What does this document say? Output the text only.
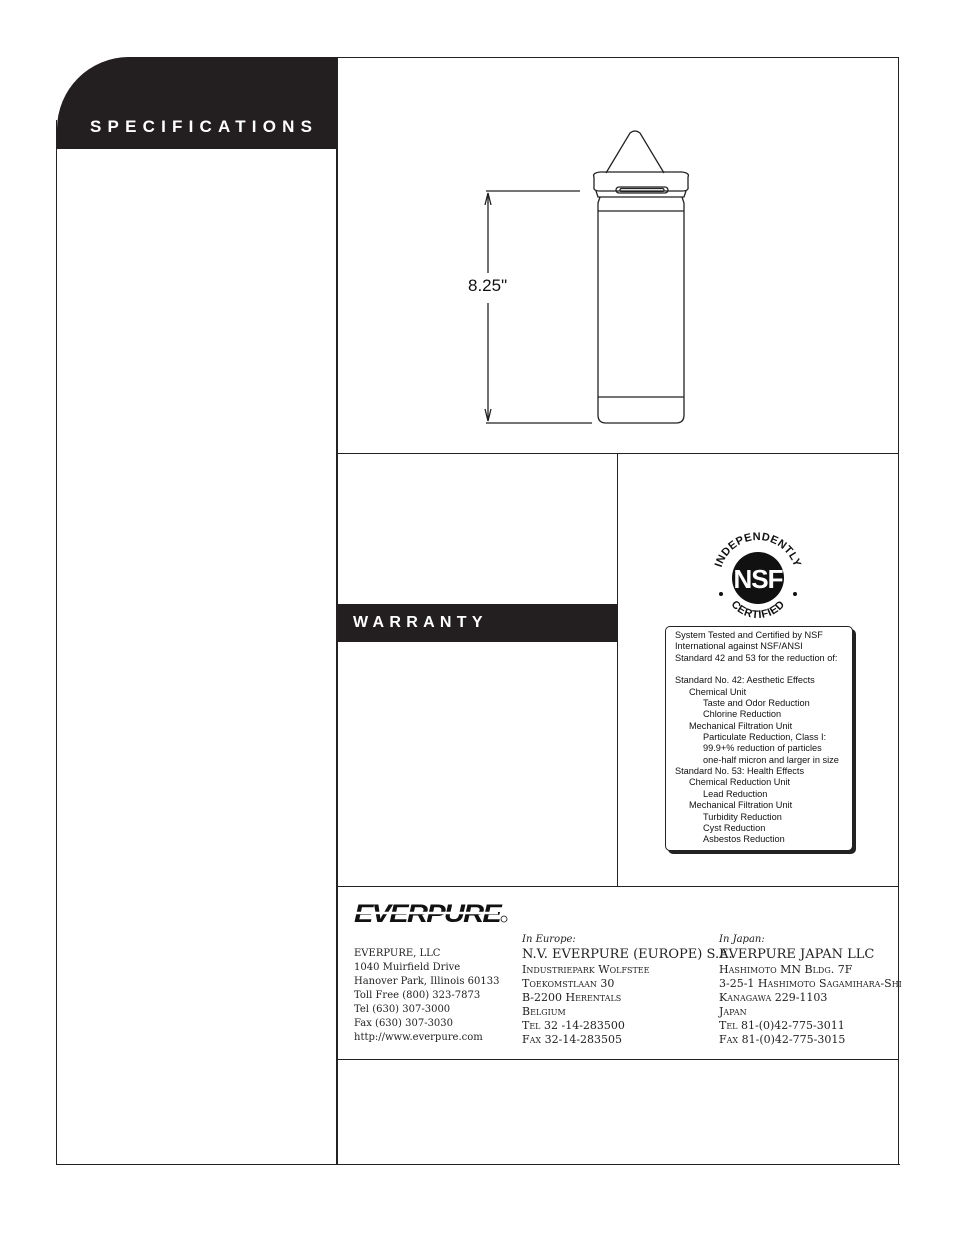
SPECIFICATIONS
8.25"
WARRANTY
NSF
INDEPENDENTLY
CERTIFIED
System Tested and Certified by NSF
International against NSF/ANSI
Standard 42 and 53 for the reduction of:
Standard No. 42: Aesthetic Effects
Chemical Unit
Taste and Odor Reduction
Chlorine Reduction
Mechanical Filtration Unit
Particulate Reduction, Class I:
99.9+% reduction of particles
one-half micron and larger in size
Standard No. 53: Health Effects
Chemical Reduction Unit
Lead Reduction
Mechanical Filtration Unit
Turbidity Reduction
Cyst Reduction
Asbestos Reduction
EVERPURE
EVERPURE, LLC
1040 Muirfield Drive
Hanover Park, Illinois 60133
Toll Free (800) 323-7873
Tel (630) 307-3000
Fax (630) 307-3030
http://www.everpure.com
In Europe:
N.V. EVERPURE (EUROPE) S.A.
Industriepark Wolfstee
Toekomstlaan 30
B-2200 Herentals
Belgium
Tel 32 -14-283500
Fax 32-14-283505
In Japan:
EVERPURE JAPAN LLC
Hashimoto MN Bldg. 7F
3-25-1 Hashimoto Sagamihara-Shi
Kanagawa 229-1103
Japan
Tel 81-(0)42-775-3011
Fax 81-(0)42-775-3015
